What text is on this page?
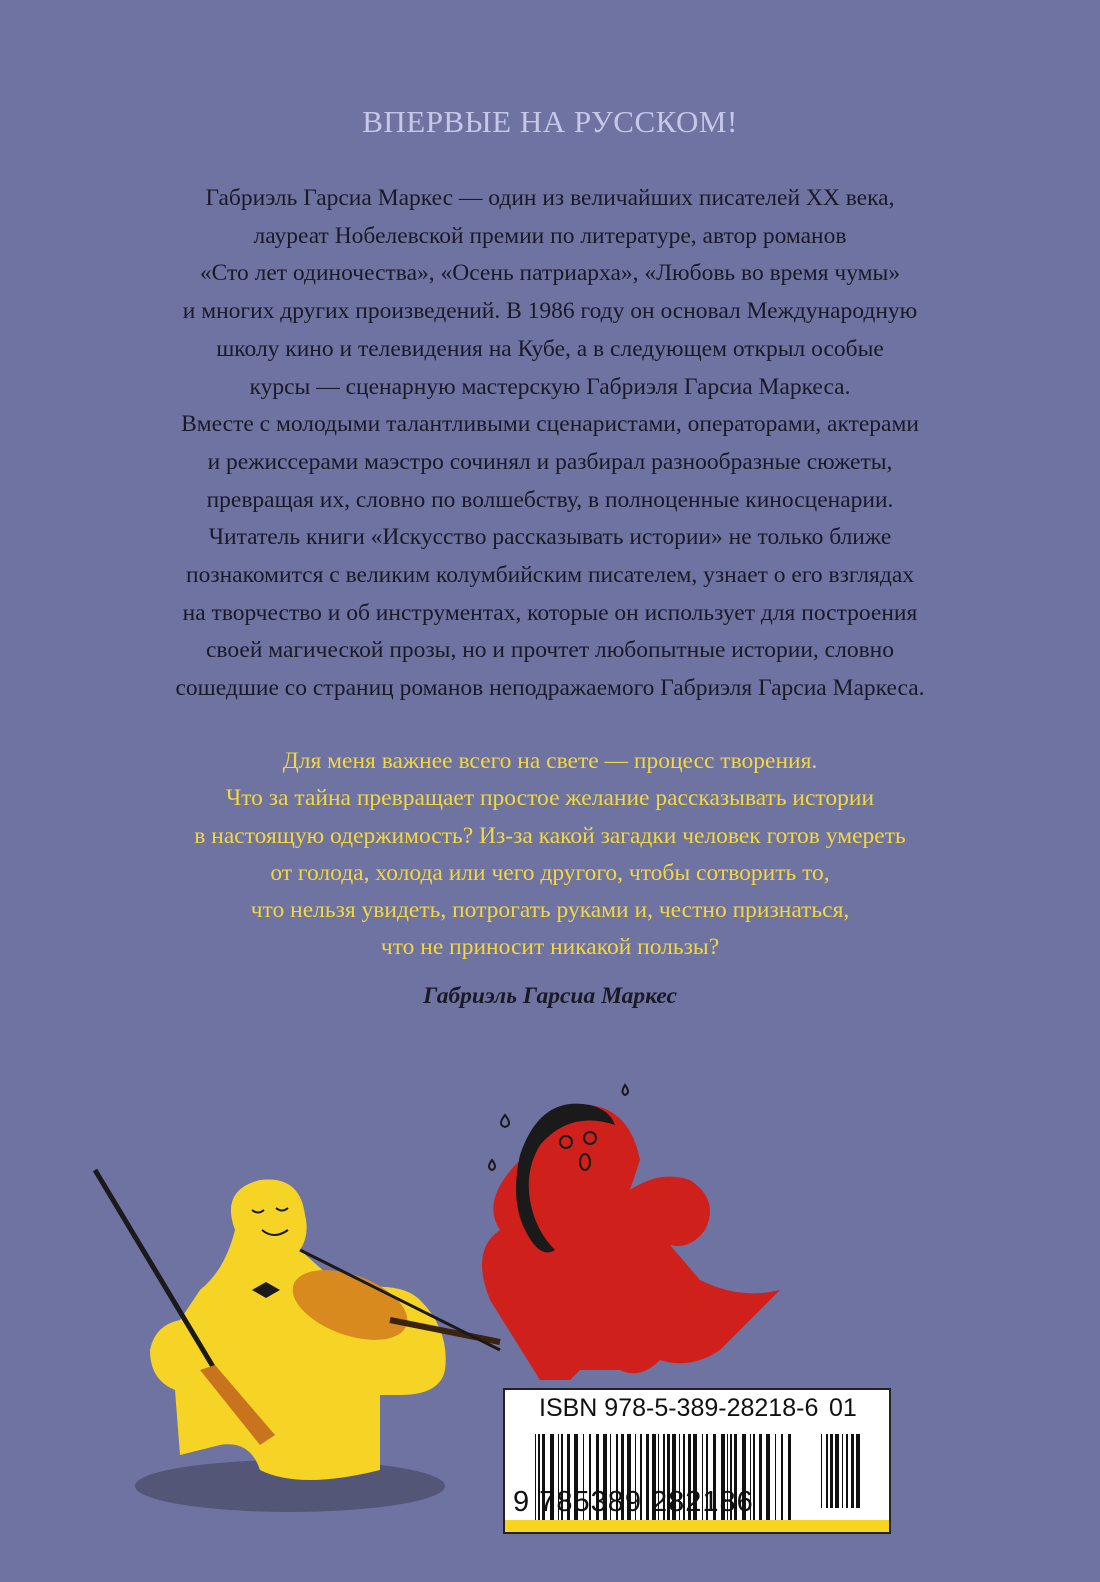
ВПЕРВЫЕ НА РУССКОМ!
Габриэль Гарсиа Маркес — один из величайших писателей XX века,
лауреат Нобелевской премии по литературе, автор романов
«Сто лет одиночества», «Осень патриарха», «Любовь во время чумы»
и многих других произведений. В 1986 году он основал Международную
школу кино и телевидения на Кубе, а в следующем открыл особые
курсы — сценарную мастерскую Габриэля Гарсиа Маркеса.
Вместе с молодыми талантливыми сценаристами, операторами, актерами
и режиссерами маэстро сочинял и разбирал разнообразные сюжеты,
превращая их, словно по волшебству, в полноценные киносценарии.
Читатель книги «Искусство рассказывать истории» не только ближе
познакомится с великим колумбийским писателем, узнает о его взглядах
на творчество и об инструментах, которые он использует для построения
своей магической прозы, но и прочтет любопытные истории, словно
сошедшие со страниц романов неподражаемого Габриэля Гарсиа Маркеса.
Для меня важнее всего на свете — процесс творения.
Что за тайна превращает простое желание рассказывать истории
в настоящую одержимость? Из-за какой загадки человек готов умереть
от голода, холода или чего другого, чтобы сотворить то,
что нельзя увидеть, потрогать руками и, честно признаться,
что не приносит никакой пользы?
Габриэль Гарсиа Маркес
ISBN 978-5-389-28218-6 01
9 785389 282186
